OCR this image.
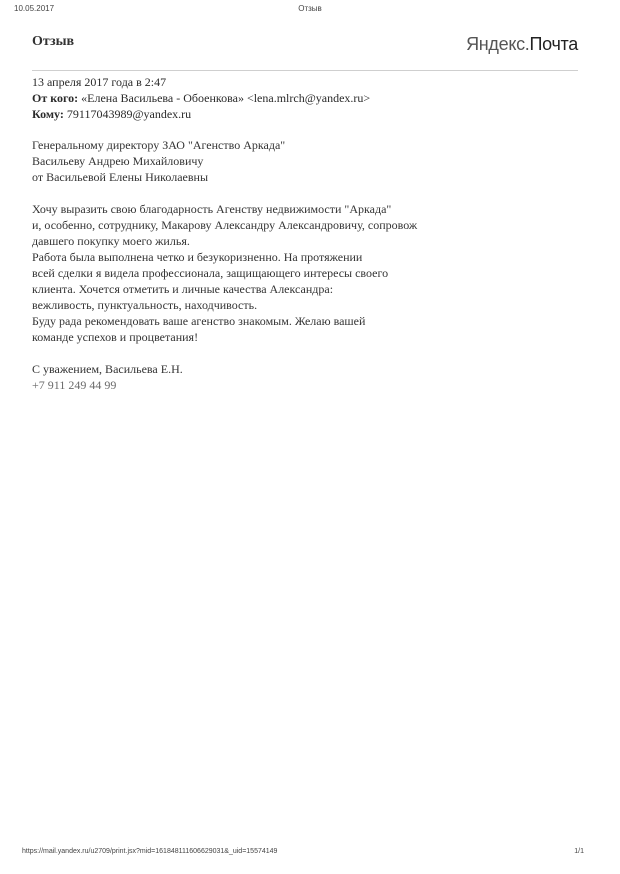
10.05.2017	Отзыв
Отзыв	Яндекс.Почта
13 апреля 2017 года в 2:47
От кого: «Елена Васильева - Обоенкова» <lena.mlrch@yandex.ru>
Кому: 79117043989@yandex.ru

Генеральному директору ЗАО "Агенство Аркада"

Васильеву Андрею Михайловичу

от Васильевой Елены Николаевны

Хочу выразить свою благодарность Агенству недвижимости "Аркада"

и, особенно, сотруднику, Макарову Александру Александровичу, сопровож

давшего покупку моего жилья.

Работа была выполнена четко и безукоризненно. На протяжении

всей сделки я видела профессионала, защищающего интересы своего

клиента. Хочется отметить и личные качества Александра:

вежливость, пунктуальность, находчивость.

Буду рада рекомендовать ваше агенство знакомым. Желаю вашей

команде успехов и процветания!

С уважением, Васильева Е.Н.

+7 911 249 44 99

https://mail.yandex.ru/u2709/print.jsx?mid=161848111606629031&_uid=15574149	1/1
